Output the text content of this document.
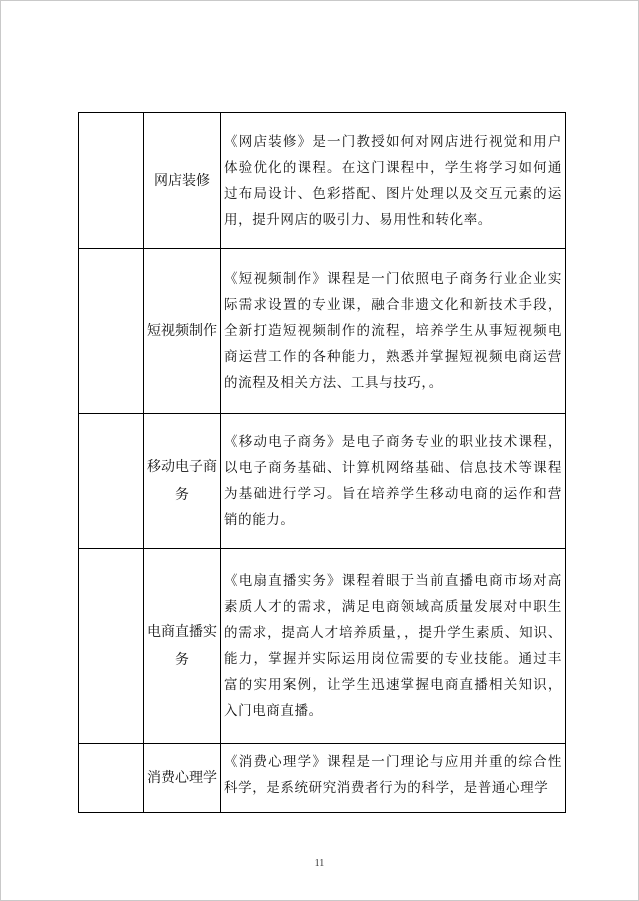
	网店装修	《网店装修》是一门教授如何对网店进行视觉和用户体验优化的课程。在这门课程中，学生将学习如何通过布局设计、色彩搭配、图片处理以及交互元素的运用，提升网店的吸引力、易用性和转化率。
	短视频制作	《短视频制作》课程是一门依照电子商务行业企业实际需求设置的专业课，融合非遗文化和新技术手段，全新打造短视频制作的流程，培养学生从事短视频电商运营工作的各种能力，熟悉并掌握短视频电商运营的流程及相关方法、工具与技巧，。
	移动电子商务	《移动电子商务》是电子商务专业的职业技术课程，以电子商务基础、计算机网络基础、信息技术等课程为基础进行学习。旨在培养学生移动电商的运作和营销的能力。
	电商直播实务	《电扇直播实务》课程着眼于当前直播电商市场对高素质人才的需求，满足电商领域高质量发展对中职生的需求，提高人才培养质量，，提升学生素质、知识、能力，掌握并实际运用岗位需要的专业技能。通过丰富的实用案例，让学生迅速掌握电商直播相关知识，入门电商直播。
	消费心理学	《消费心理学》课程是一门理论与应用并重的综合性科学，是系统研究消费者行为的科学，是普通心理学
11
